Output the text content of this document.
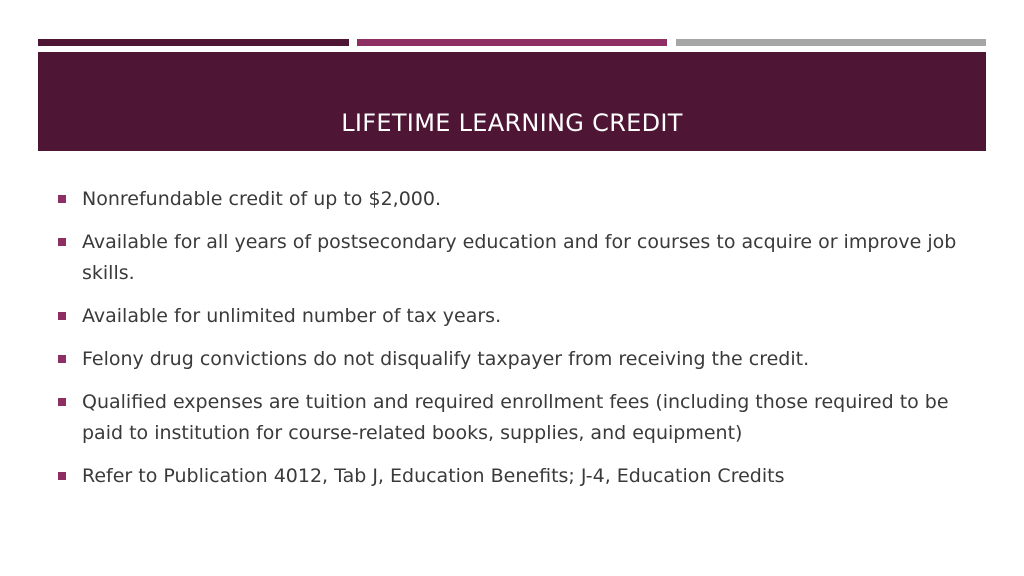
LIFETIME LEARNING CREDIT
Nonrefundable credit of up to $2,000.
Available for all years of postsecondary education and for courses to acquire or improve job skills.
Available for unlimited number of tax years.
Felony drug convictions do not disqualify taxpayer from receiving the credit.
Qualified expenses are tuition and required enrollment fees (including those required to be paid to institution for course-related books, supplies, and equipment)
Refer to Publication 4012, Tab J, Education Benefits; J-4, Education Credits
